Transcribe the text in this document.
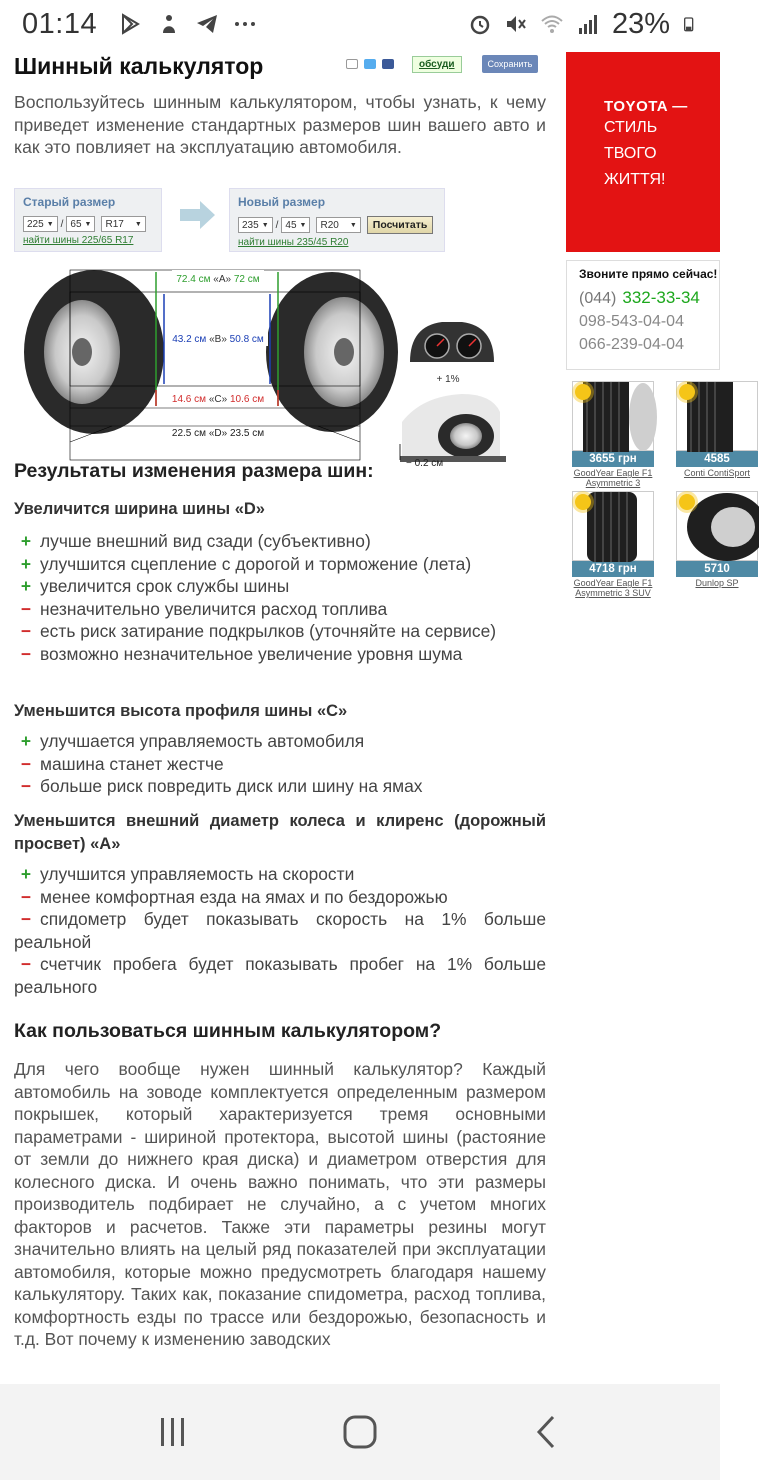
01:14	23%
Шинный калькулятор	обсуди	Сохранить

Воспользуйтесь шинным калькулятором, чтобы узнать, к чему приведет изменение стандартных размеров шин вашего авто и как это повлияет на эксплуатацию автомобиля.

Старый размер
225 ▼ / 65 ▼ R17 ▼
найти шины 225/65 R17
Новый размер
235 ▼ / 45 ▼ R20 ▼	Посчитать
найти шины 235/45 R20
72.4 см «A» 72 см
43.2 см «B» 50.8 см
14.6 см «C» 10.6 см
22.5 см «D» 23.5 см
+ 1%
− 0.2 см
Результаты изменения размера шин:
Увеличится ширина шины «D»
+ лучше внешний вид сзади (субъективно)
+ улучшится сцепление с дорогой и торможение (лета)
+ увеличится срок службы шины
− незначительно увеличится расход топлива
− есть риск затирание подкрылков (уточняйте на сервисе)
− возможно незначительное увеличение уровня шума
Уменьшится высота профиля шины «C»
+ улучшается управляемость автомобиля
− машина станет жестче
− больше риск повредить диск или шину на ямах
Уменьшится внешний диаметр колеса и клиренс (дорожный просвет) «A»
+ улучшится управляемость на скорости
− менее комфортная езда на ямах и по бездорожью
− спидометр будет показывать скорость на 1% больше реальной
− счетчик пробега будет показывать пробег на 1% больше реального
Как пользоваться шинным калькулятором?

Для чего вообще нужен шинный калькулятор? Каждый автомобиль на зоводе комплектуется определенным размером покрышек, который характеризуется тремя основными параметрами - шириной протектора, высотой шины (растояние от земли до нижнего края диска) и диаметром отверстия для колесного диска. И очень важно понимать, что эти размеры производитель подбирает не случайно, а с учетом многих факторов и расчетов. Также эти параметры резины могут значительно влиять на целый ряд показателей при эксплуатации автомобиля, которые можно предусмотреть благодаря нашему калькулятору. Таких как, показание спидометра, расход топлива, комфортность езды по трассе или бездорожью, безопасность и т.д. Вот почему к изменению заводских

TOYOTA —
СТИЛЬ
ТВОГО
ЖИТТЯ!
Звоните прямо сейчас!
(044) 332-33-34
098-543-04-04
066-239-04-04
3655 грн
GoodYear Eagle F1 Asymmetric 3
4585
Conti ContiSport
4718 грн
GoodYear Eagle F1 Asymmetric 3 SUV
5710
Dunlop SP
